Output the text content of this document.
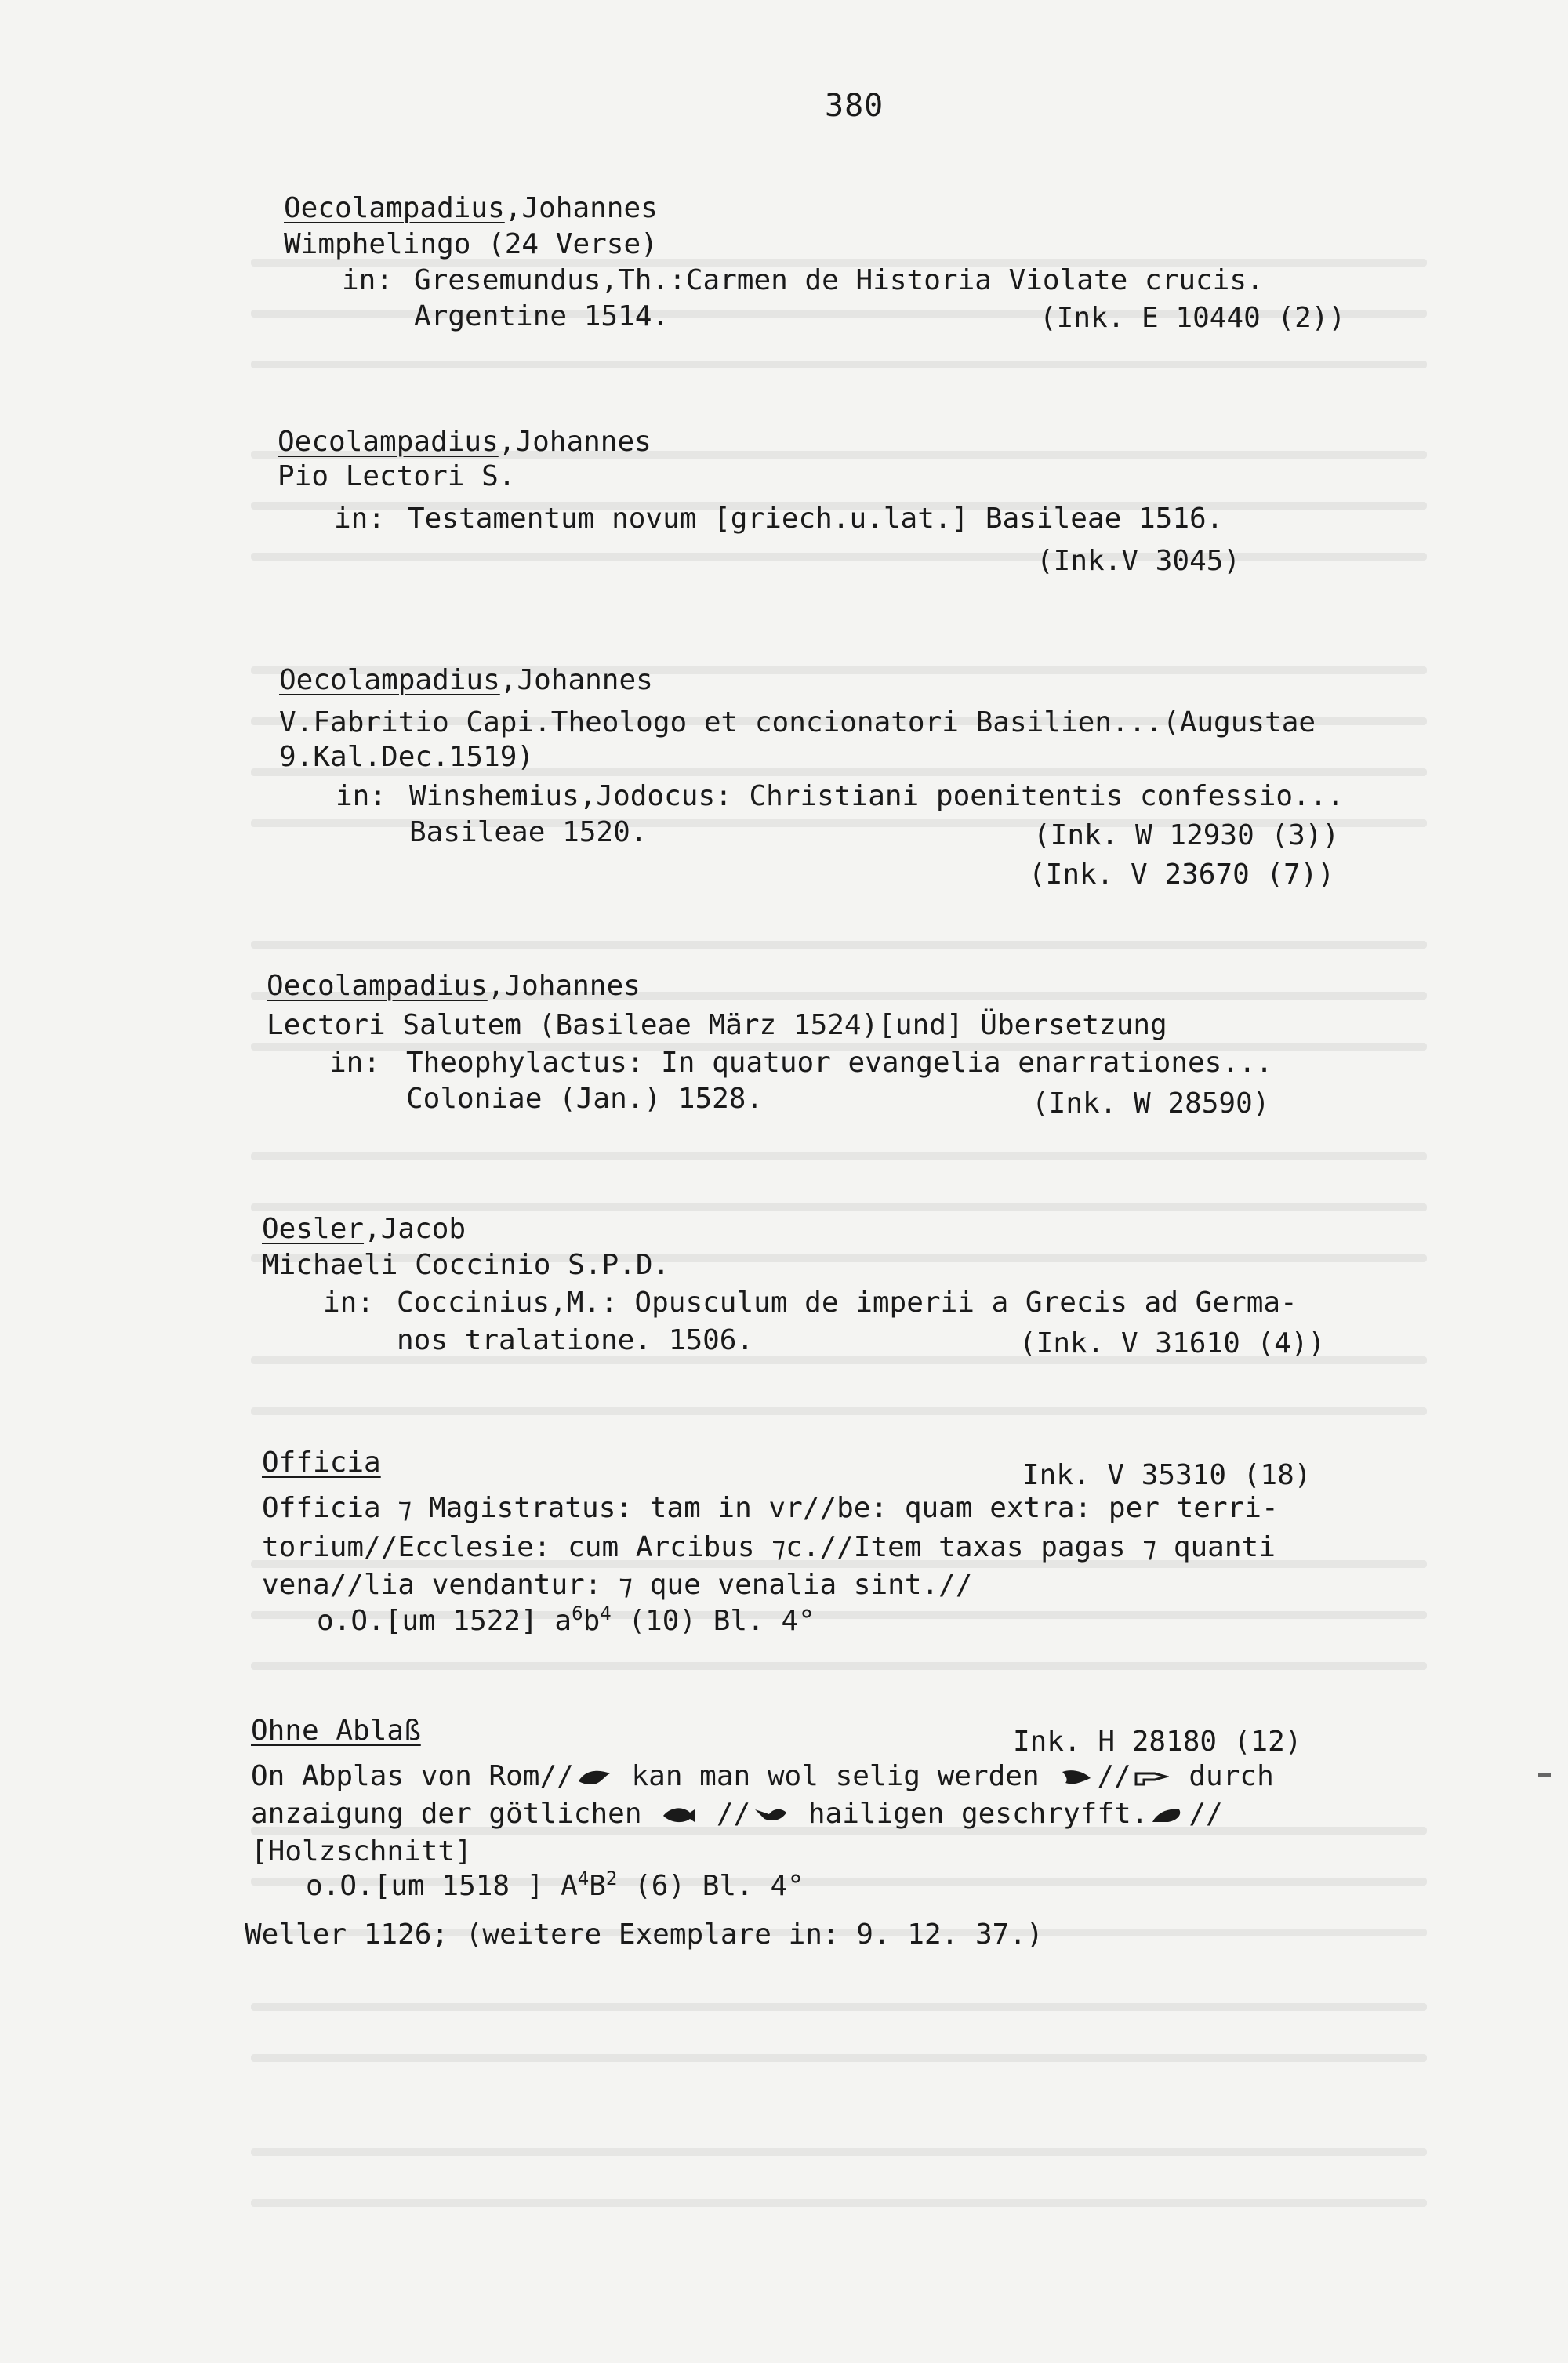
380
Oecolampadius,Johannes
Wimphelingo (24 Verse)
in: Gresemundus,Th.:Carmen de Historia Violate crucis.
Argentine 1514.	(Ink. E 10440 (2))
Oecolampadius,Johannes
Pio Lectori S.
in: Testamentum novum [griech.u.lat.] Basileae 1516.
(Ink.V 3045)
Oecolampadius,Johannes
V.Fabritio Capi.Theologo et concionatori Basilien...(Augustae
9.Kal.Dec.1519)
in: Winshemius,Jodocus: Christiani poenitentis confessio...
Basileae 1520.	(Ink. W 12930 (3))
(Ink. V 23670 (7))
Oecolampadius,Johannes
Lectori Salutem (Basileae März 1524)[und] Übersetzung
in: Theophylactus: In quatuor evangelia enarrationes...
Coloniae (Jan.) 1528.	(Ink. W 28590)
Oesler,Jacob
Michaeli Coccinio S.P.D.
in: Coccinius,M.: Opusculum de imperii a Grecis ad Germa-
nos tralatione. 1506.	(Ink. V 31610 (4))
Officia	Ink. V 35310 (18)
Officia ⁊ Magistratus: tam in vr//be: quam extra: per terri-
torium//Ecclesie: cum Arcibus ⁊c.//Item taxas pagas ⁊ quanti
vena//lia vendantur: ⁊ que venalia sint.//
o.O.[um 1522] $a^6b^4$ (10) Bl. 4°
Ohne Ablaß	Ink. H 28180 (12)
On Abplas von Rom//
kan man wol selig werden
//
durch
anzaigung der götlichen
//
hailigen geschryfft. //
[Holzschnitt]
o.O.[um 1518 ] $A^4B^2$ (6) Bl. 4°
Weller 1126; (weitere Exemplare in: 9. 12. 37.)
